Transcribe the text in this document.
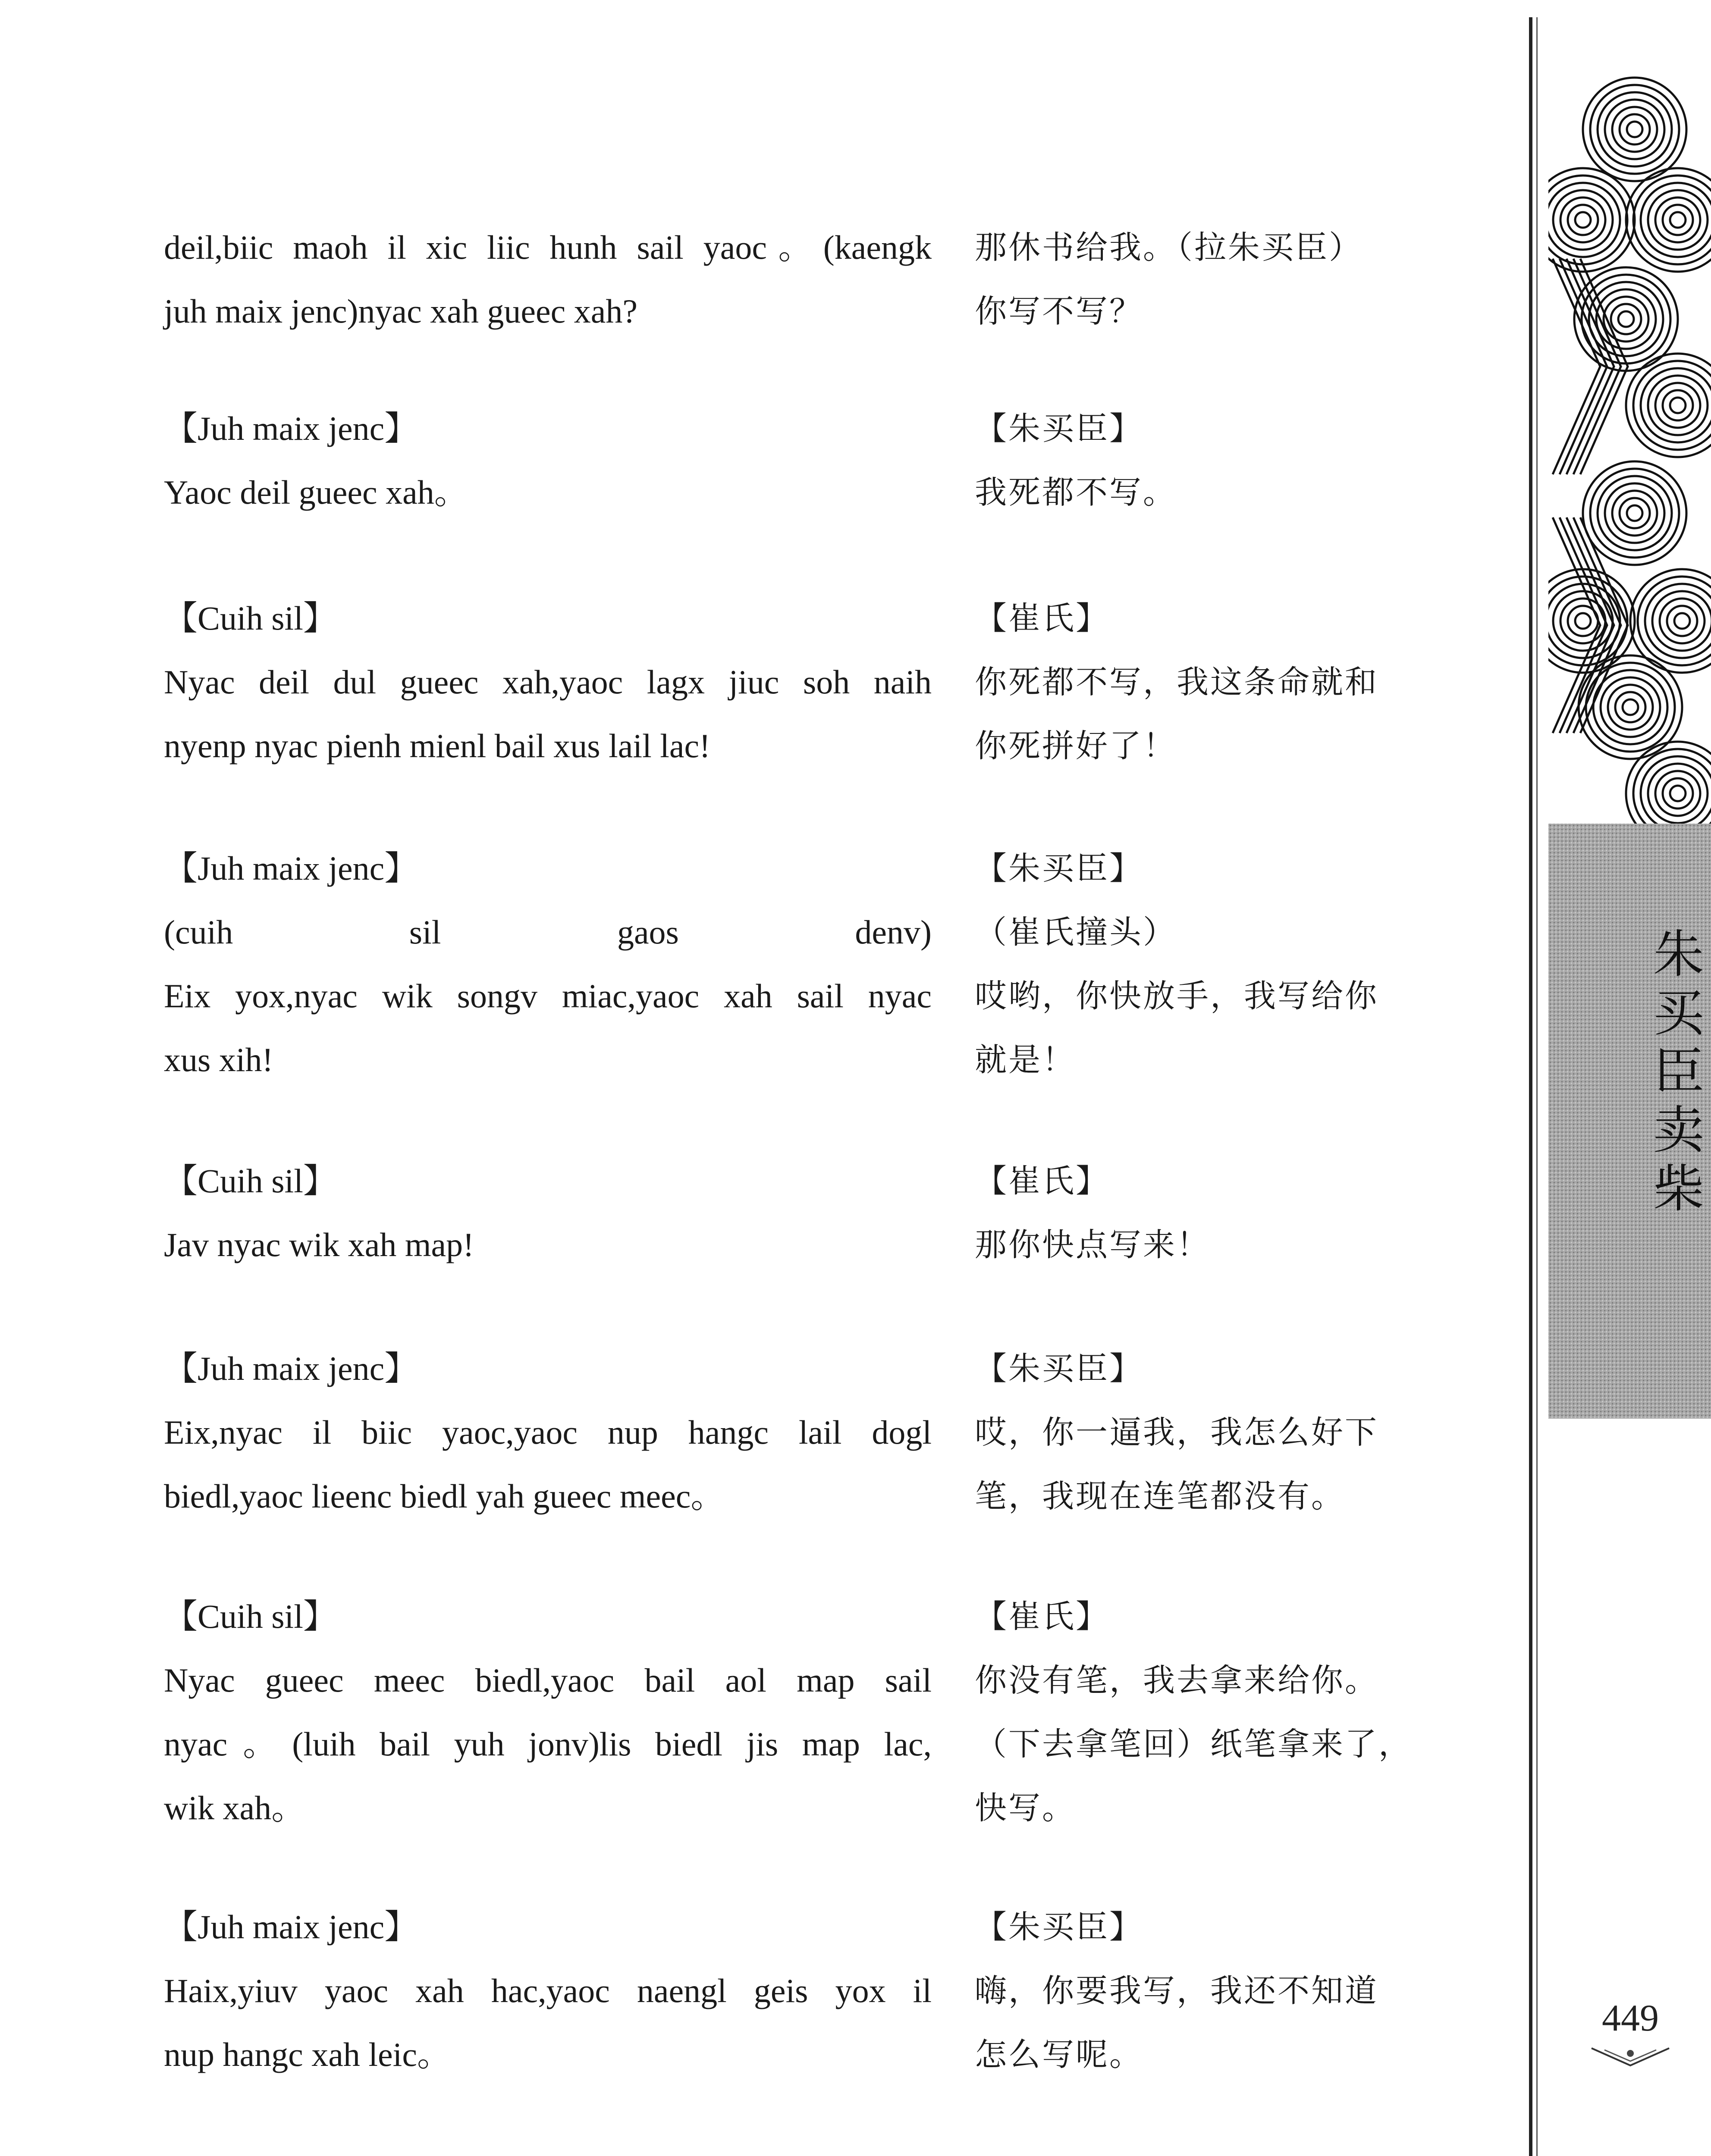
deil,biic maoh il xic liic hunh sail yaoc。(kaengk
juh maix jenc)nyac xah gueec xah?
【Juh maix jenc】
Yaoc deil gueec xah。
【Cuih sil】
Nyac deil dul gueec xah,yaoc lagx jiuc soh naih
nyenp nyac pienh mienl bail xus lail lac!
【Juh maix jenc】
(cuih sil gaos denv)
Eix yox,nyac wik songv miac,yaoc xah sail nyac
xus xih!
【Cuih sil】
Jav nyac wik xah map!
【Juh maix jenc】
Eix,nyac il biic yaoc,yaoc nup hangc lail dogl
biedl,yaoc lieenc biedl yah gueec meec。
【Cuih sil】
Nyac gueec meec biedl,yaoc bail aol map sail
nyac。(luih bail yuh jonv)lis biedl jis map lac,
wik xah。
【Juh maix jenc】
Haix,yiuv yaoc xah hac,yaoc naengl geis yox il
nup hangc xah leic。
那休书给我。（拉朱买臣）
你写不写？
【朱买臣】
我死都不写。
【崔氏】
你死都不写，我这条命就和
你死拼好了！
【朱买臣】
（崔氏撞头）
哎哟，你快放手，我写给你
就是！
【崔氏】
那你快点写来！
【朱买臣】
哎，你一逼我，我怎么好下
笔，我现在连笔都没有。
【崔氏】
你没有笔，我去拿来给你。
（下去拿笔回）纸笔拿来了，
快写。
【朱买臣】
嗨，你要我写，我还不知道
怎么写呢。
朱买臣卖柴
449
